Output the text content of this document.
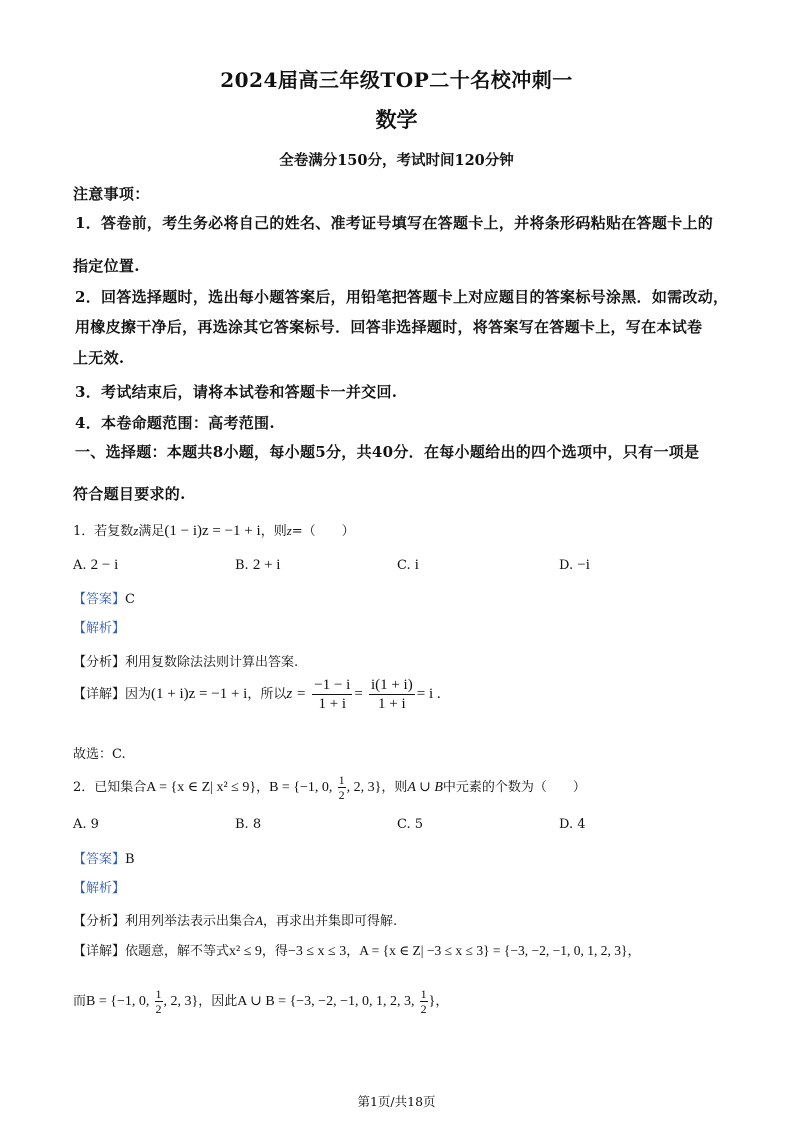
2024届高三年级TOP二十名校冲刺一
数学
全卷满分150分，考试时间120分钟
注意事项：
1．答卷前，考生务必将自己的姓名、准考证号填写在答题卡上，并将条形码粘贴在答题卡上的
指定位置.
2．回答选择题时，选出每小题答案后，用铅笔把答题卡上对应题目的答案标号涂黑．如需改动，
用橡皮擦干净后，再选涂其它答案标号．回答非选择题时，将答案写在答题卡上，写在本试卷
上无效.
3．考试结束后，请将本试卷和答题卡一并交回.
4．本卷命题范围：高考范围.
一、选择题：本题共8小题，每小题5分，共40分．在每小题给出的四个选项中，只有一项是
符合题目要求的.
1．若复数z满足(1 − i)z = −1 + i，则z=（　　）
A. 2 − i	B. 2 + i	C. i	D. −i
【答案】C
【解析】
【分析】利用复数除法法则计算出答案.
【详解】因为(1 + i)z = −1 + i，所以$z = \frac{-1 - i}{1 + i} = \frac{i(1 + i)}{1 + i} = i$ .
故选：C.
2．已知集合A = {x ∈ Z| x² ≤ 9}，B = {−1, 0, $\frac{1}{2}$ , 2, 3}，则A ∪ B中元素的个数为（　　）
A. 9	B. 8	C. 5	D. 4
【答案】B
【解析】
【分析】利用列举法表示出集合A，再求出并集即可得解.
【详解】依题意，解不等式x² ≤ 9，得−3 ≤ x ≤ 3，A = {x ∈ Z| −3 ≤ x ≤ 3} = {−3, −2, −1, 0, 1, 2, 3}，
而B = {−1, 0, $\frac{1}{2}$ , 2, 3}，因此A ∪ B = {−3, −2, −1, 0, 1, 2, 3, $\frac{1}{2}$ }，
第1页/共18页
